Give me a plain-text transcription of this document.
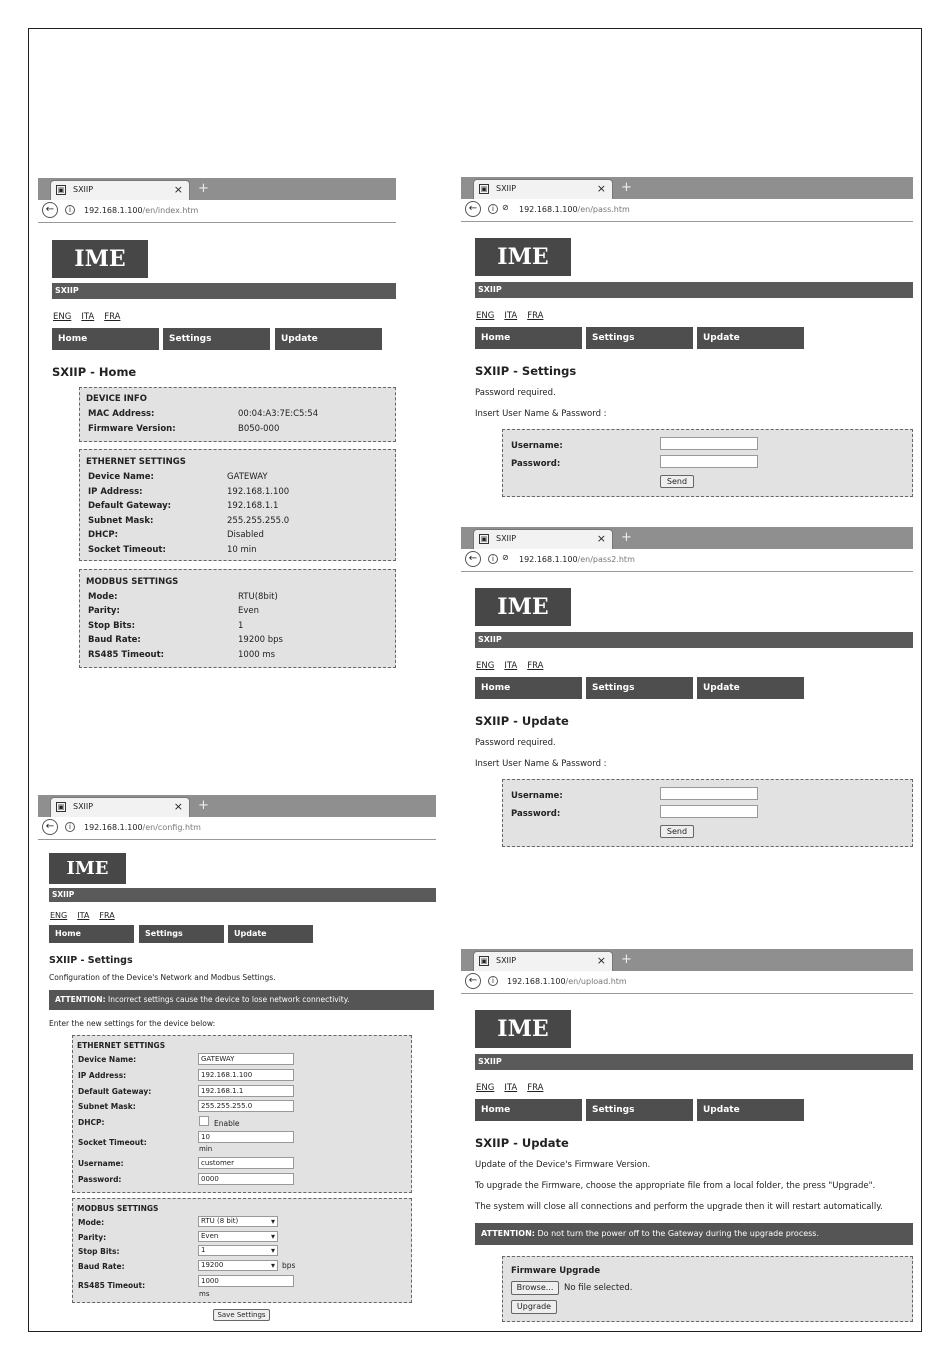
▣ SXIIP	× +
←	i	192.168.1.100/en/index.htm
IME
SXIIP
ENG ITA FRA
Home	Settings	Update
SXIIP - Home
DEVICE INFO
MAC Address:	00:04:A3:7E:C5:54
Firmware Version:	B050-000
ETHERNET SETTINGS
Device Name:	GATEWAY
IP Address:	192.168.1.100
Default Gateway:	192.168.1.1
Subnet Mask:	255.255.255.0
DHCP:	Disabled
Socket Timeout:	10 min
MODBUS SETTINGS
Mode:	RTU(8bit)
Parity:	Even
Stop Bits:	1
Baud Rate:	19200 bps
RS485 Timeout:	1000 ms
▣ SXIIP	× +
←	i	⊘ 192.168.1.100/en/pass.htm
IME
SXIIP
ENG ITA FRA
Home	Settings	Update
SXIIP - Settings
Password required.
Insert User Name & Password :
Username:
Password:
Send
▣ SXIIP	× +
←	i	⊘ 192.168.1.100/en/pass2.htm
IME
SXIIP
ENG ITA FRA
Home	Settings	Update
SXIIP - Update
Password required.
Insert User Name & Password :
Username:
Password:
Send
▣ SXIIP	× +
←	i	192.168.1.100/en/config.htm
IME
SXIIP
ENG ITA FRA
Home	Settings	Update
SXIIP - Settings
Configuration of the Device's Network and Modbus Settings.
ATTENTION: Incorrect settings cause the device to lose network connectivity.
Enter the new settings for the device below:
ETHERNET SETTINGS
Device Name:	GATEWAY
IP Address:	192.168.1.100
Default Gateway:	192.168.1.1
Subnet Mask:	255.255.255.0
DHCP:	Enable
Socket Timeout:
10
min
Username:	customer
Password:	0000
MODBUS SETTINGS
Mode:	RTU (8 bit) ▾
Parity:	Even ▾
Stop Bits:	1 ▾
Baud Rate:	19200 ▾	bps
RS485 Timeout:	1000
ms
Save Settings
▣ SXIIP	× +
←	i	192.168.1.100/en/upload.htm
IME
SXIIP
ENG ITA FRA
Home	Settings	Update
SXIIP - Update
Update of the Device's Firmware Version.
To upgrade the Firmware, choose the appropriate file from a local folder, the press "Upgrade".
The system will close all connections and perform the upgrade then it will restart automatically.
ATTENTION: Do not turn the power off to the Gateway during the upgrade process.
Firmware Upgrade
Browse...	No file selected.
Upgrade
